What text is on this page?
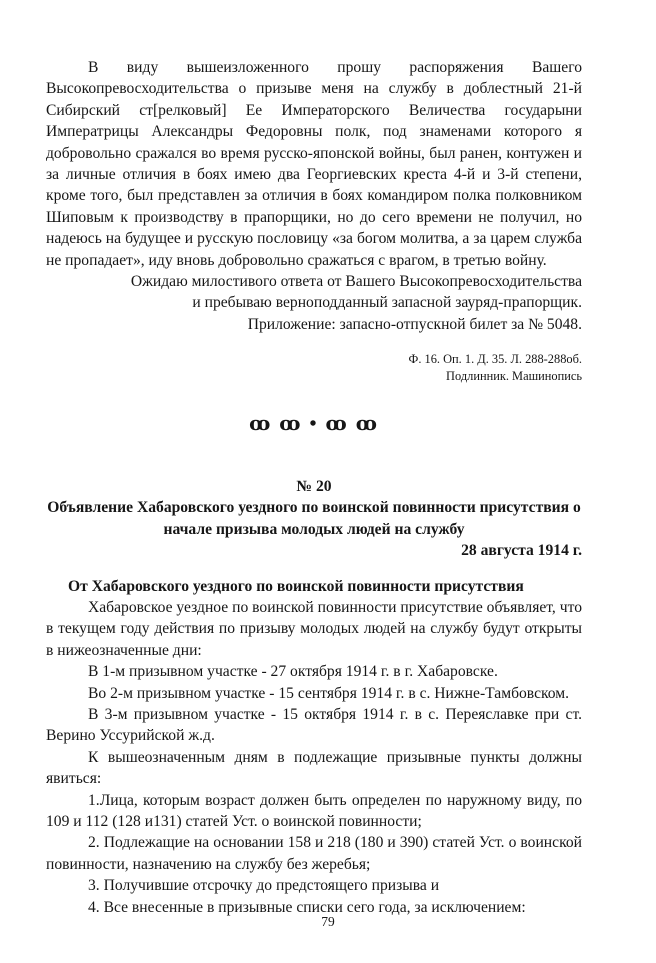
В виду вышеизложенного прошу распоряжения Вашего Высокопревосходительства о призыве меня на службу в доблестный 21-й Сибирский ст[релковый] Ее Императорского Величества государыни Императрицы Александры Федоровны полк, под знаменами которого я добровольно сражался во время русско-японской войны, был ранен, контужен и за личные отличия в боях имею два Георгиевских креста 4-й и 3-й степени, кроме того, был представлен за отличия в боях командиром полка полковником Шиповым к производству в прапорщики, но до сего времени не получил, но надеюсь на будущее и русскую пословицу «за богом молитва, а за царем служба не пропадает», иду вновь добровольно сражаться с врагом, в третью войну.

Ожидаю милостивого ответа от Вашего Высокопревосходительства

и пребываю верноподданный запасной зауряд-прапорщик.

Приложение: запасно-отпускной билет за № 5048.

Ф. 16. Оп. 1. Д. 35. Л. 288-288об.
Подлинник. Машинопись
ꝏ ꝏ • ꝏ ꝏ
№ 20

Объявление Хабаровского уездного по воинской повинности присутствия о начале призыва молодых людей на службу

28 августа 1914 г.

От Хабаровского уездного по воинской повинности присутствия

Хабаровское уездное по воинской повинности присутствие объявляет, что в текущем году действия по призыву молодых людей на службу будут открыты в нижеозначенные дни:

В 1-м призывном участке - 27 октября 1914 г. в г. Хабаровске.

Во 2-м призывном участке - 15 сентября 1914 г. в с. Нижне-Тамбовском.

В 3-м призывном участке - 15 октября 1914 г. в с. Переяславке при ст. Верино Уссурийской ж.д.

К вышеозначенным дням в подлежащие призывные пункты должны явиться:

1.Лица, которым возраст должен быть определен по наружному виду, по 109 и 112 (128 и131) статей Уст. о воинской повинности;

2. Подлежащие на основании 158 и 218 (180 и 390) статей Уст. о воинской повинности, назначению на службу без жеребья;

3. Получившие отсрочку до предстоящего призыва и

4. Все внесенные в призывные списки сего года, за исключением:

79
